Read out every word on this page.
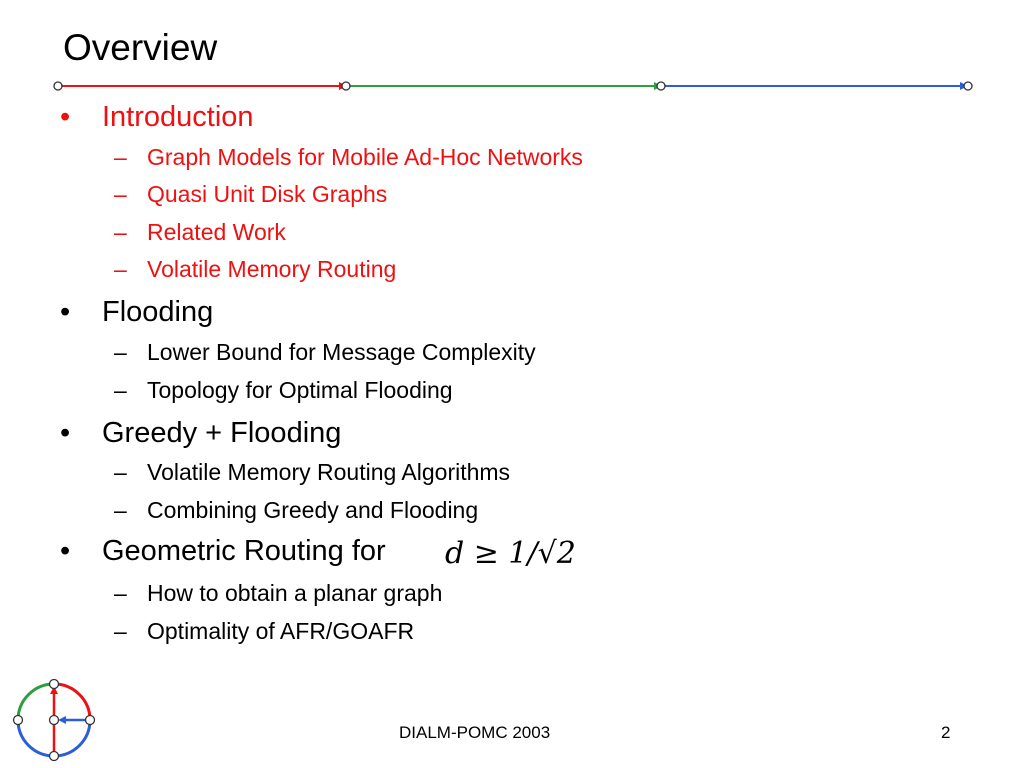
Overview
• Introduction
– Graph Models for Mobile Ad-Hoc Networks
– Quasi Unit Disk Graphs
– Related Work
– Volatile Memory Routing
• Flooding
– Lower Bound for Message Complexity
– Topology for Optimal Flooding
• Greedy + Flooding
– Volatile Memory Routing Algorithms
– Combining Greedy and Flooding
• Geometric Routing for d ≥ 1/√2
– How to obtain a planar graph
– Optimality of AFR/GOAFR
DIALM-POMC 2003	2
